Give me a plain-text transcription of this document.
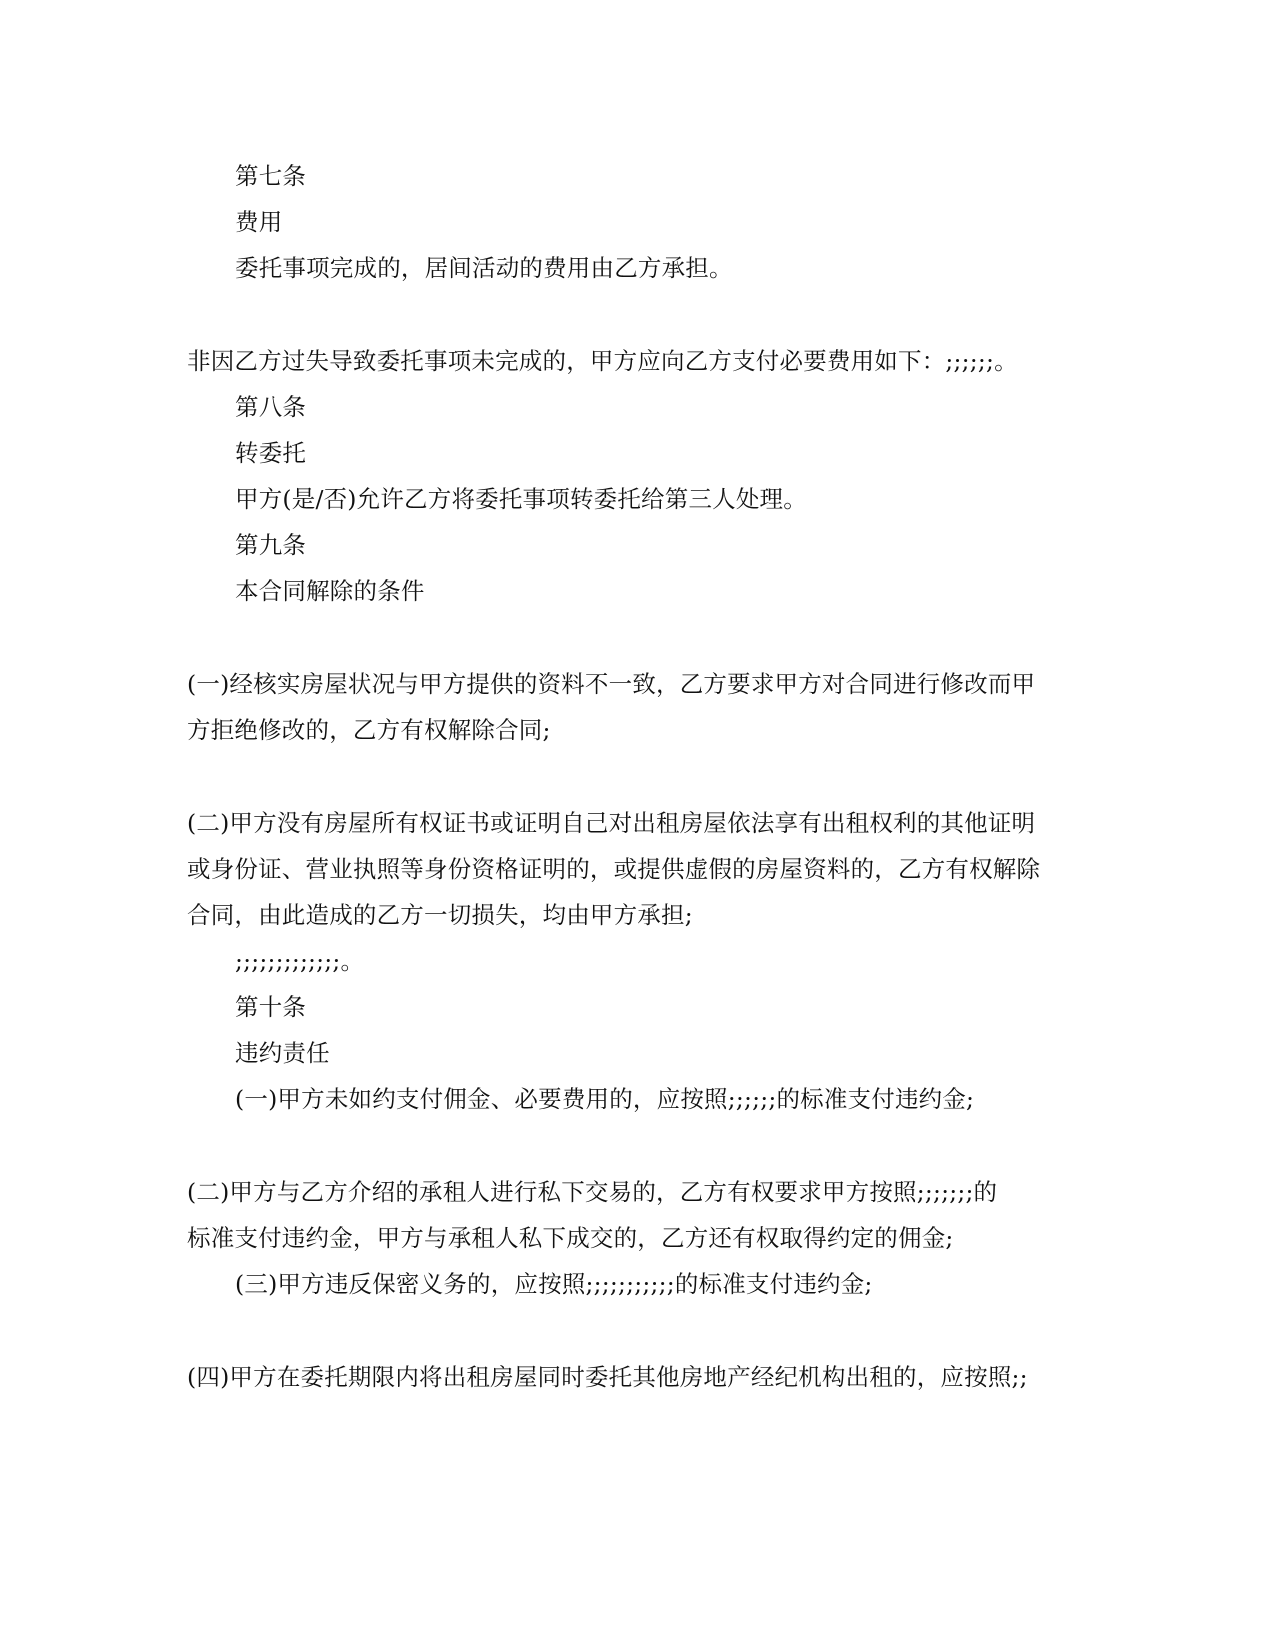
第七条
费用
委托事项完成的，居间活动的费用由乙方承担。
非因乙方过失导致委托事项未完成的，甲方应向乙方支付必要费用如下：;;;;;;。
第八条
转委托
甲方(是/否)允许乙方将委托事项转委托给第三人处理。
第九条
本合同解除的条件
(一)经核实房屋状况与甲方提供的资料不一致，乙方要求甲方对合同进行修改而甲
方拒绝修改的，乙方有权解除合同;
(二)甲方没有房屋所有权证书或证明自己对出租房屋依法享有出租权利的其他证明
或身份证、营业执照等身份资格证明的，或提供虚假的房屋资料的，乙方有权解除
合同，由此造成的乙方一切损失，均由甲方承担;
;;;;;;;;;;;;;。
第十条
违约责任
(一)甲方未如约支付佣金、必要费用的，应按照;;;;;;的标准支付违约金;
(二)甲方与乙方介绍的承租人进行私下交易的，乙方有权要求甲方按照;;;;;;;的
标准支付违约金，甲方与承租人私下成交的，乙方还有权取得约定的佣金;
(三)甲方违反保密义务的，应按照;;;;;;;;;;;的标准支付违约金;
(四)甲方在委托期限内将出租房屋同时委托其他房地产经纪机构出租的，应按照;;
